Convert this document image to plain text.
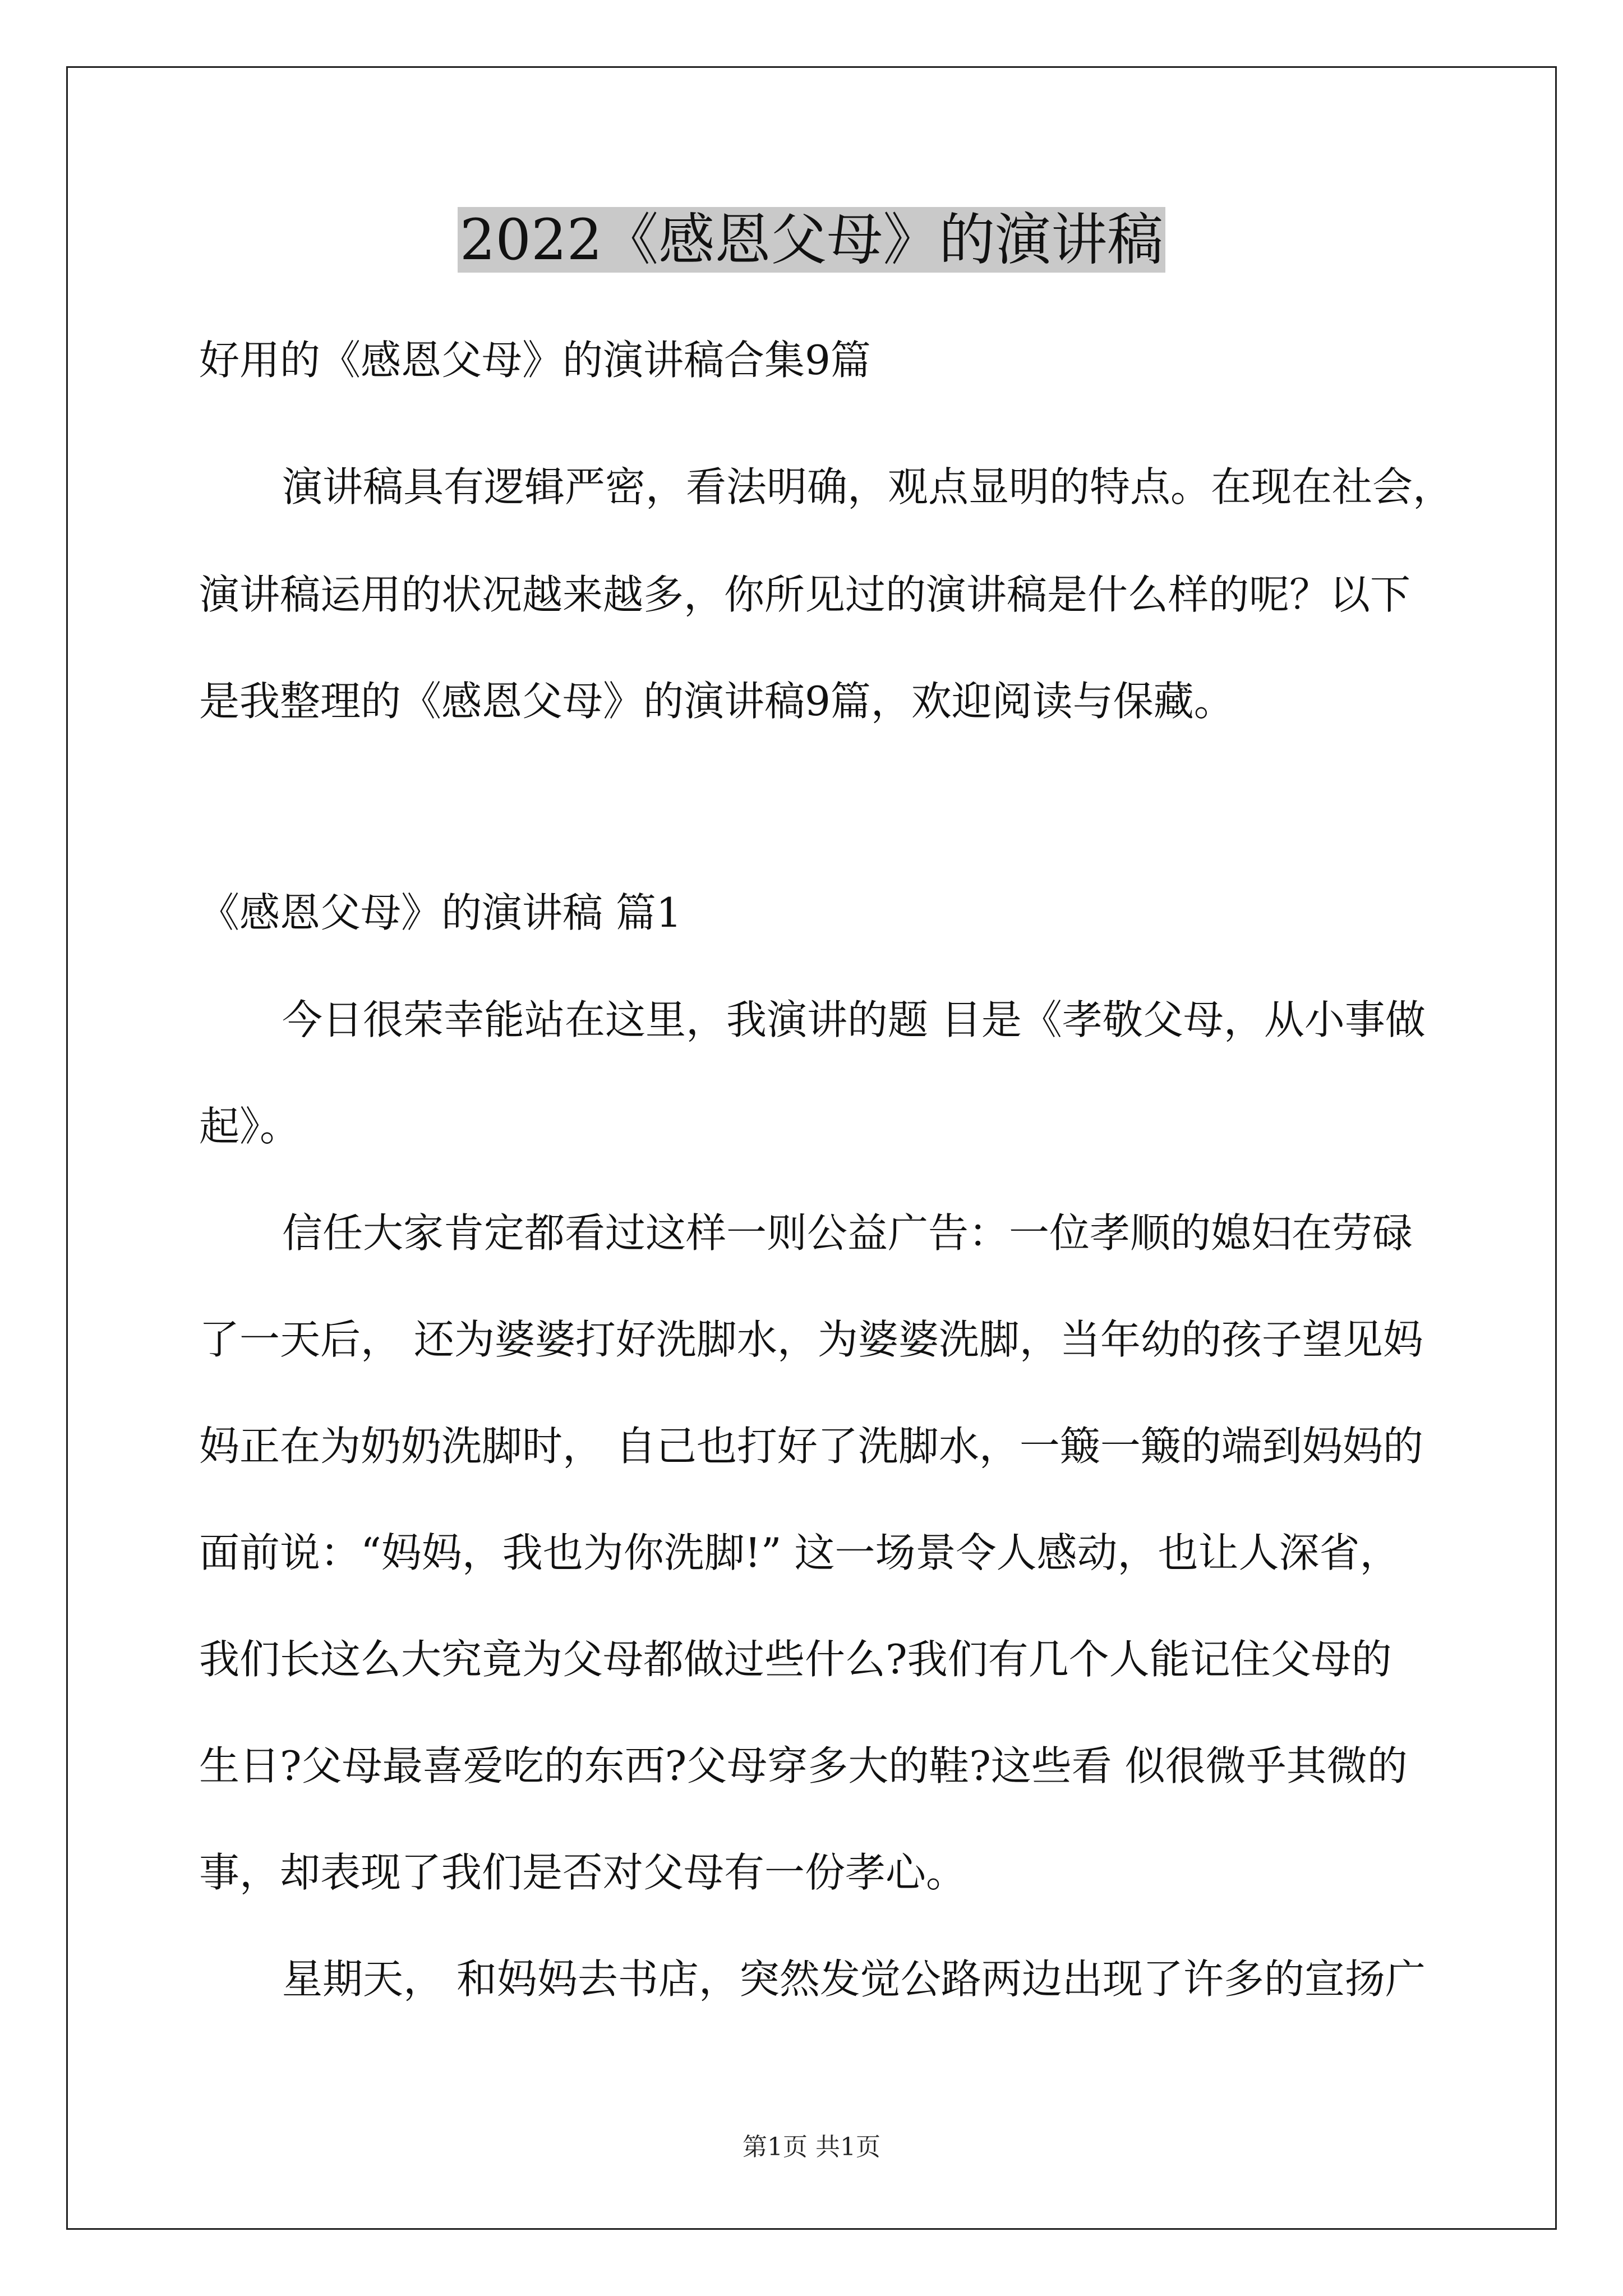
2022《感恩父母》的演讲稿
好用的《感恩父母》的演讲稿合集9篇
演讲稿具有逻辑严密，看法明确，观点显明的特点。在现在社会，
演讲稿运用的状况越来越多，你所见过的演讲稿是什么样的呢？以下
是我整理的《感恩父母》的演讲稿9篇，欢迎阅读与保藏。
《感恩父母》的演讲稿 篇1
今日很荣幸能站在这里，我演讲的题 目是《孝敬父母，从小事做
起》。
信任大家肯定都看过这样一则公益广告：一位孝顺的媳妇在劳碌
了一天后， 还为婆婆打好洗脚水，为婆婆洗脚，当年幼的孩子望见妈
妈正在为奶奶洗脚时， 自己也打好了洗脚水，一簸一簸的端到妈妈的
面前说：“妈妈，我也为你洗脚!” 这一场景令人感动，也让人深省，
我们长这么大究竟为父母都做过些什么?我们有几个人能记住父母的
生日?父母最喜爱吃的东西?父母穿多大的鞋?这些看 似很微乎其微的
事，却表现了我们是否对父母有一份孝心。
星期天， 和妈妈去书店，突然发觉公路两边出现了许多的宣扬广
第1页 共1页
